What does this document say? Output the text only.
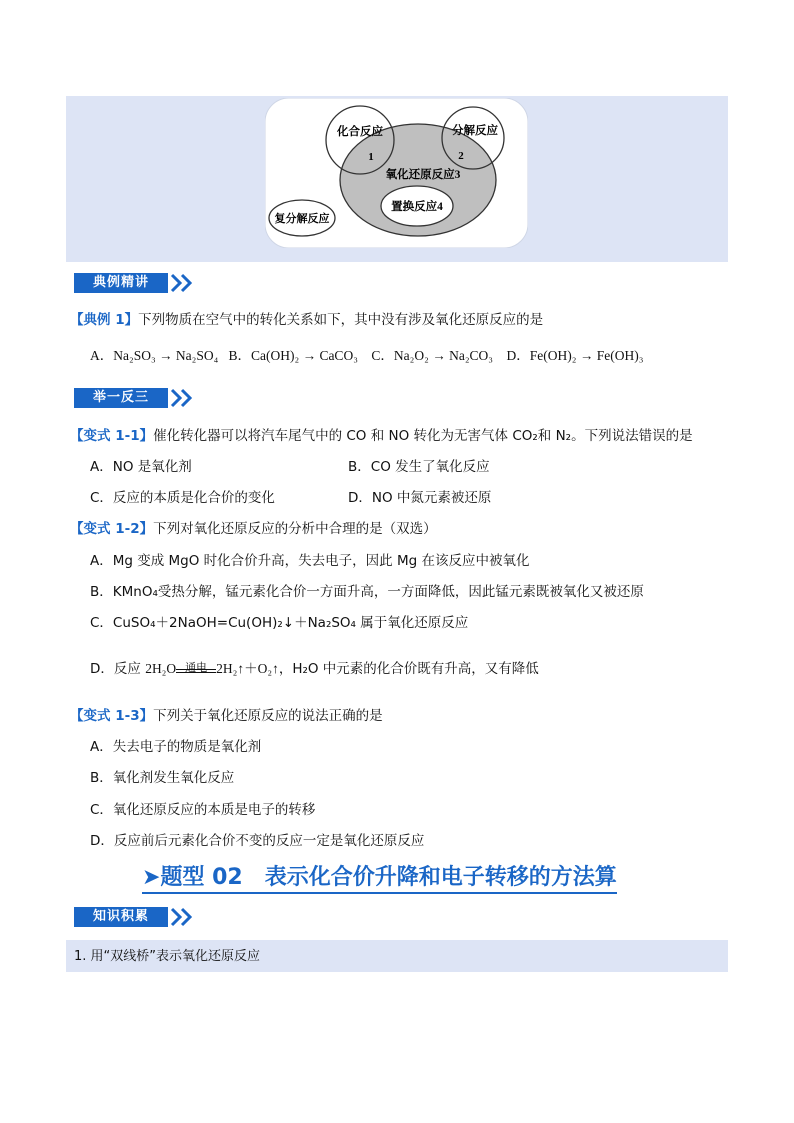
化合反应	分解反应
氧化还原反应3
置换反应4
复分解反应
1	2
典例精讲
【典例 1】下列物质在空气中的转化关系如下，其中没有涉及氧化还原反应的是
A．Na₂SO₃ → Na₂SO₄ B．Ca(OH)₂ → CaCO₃ C．Na₂O₂ → Na₂CO₃ D．Fe(OH)₂ → Fe(OH)₃
举一反三
【变式 1-1】催化转化器可以将汽车尾气中的 CO 和 NO 转化为无害气体 CO₂和 N₂。下列说法错误的是
A．NO 是氧化剂	B．CO 发生了氧化反应
C．反应的本质是化合价的变化	D．NO 中氮元素被还原
【变式 1-2】下列对氧化还原反应的分析中合理的是（双选）
A．Mg 变成 MgO 时化合价升高，失去电子，因此 Mg 在该反应中被氧化
B．KMnO₄受热分解，锰元素化合价一方面升高，一方面降低，因此锰元素既被氧化又被还原
C．CuSO₄＋2NaOH=Cu(OH)₂↓＋Na₂SO₄ 属于氧化还原反应
D．反应 2H₂O 通电 2H₂↑＋O₂↑，H₂O 中元素的化合价既有升高，又有降低
【变式 1-3】下列关于氧化还原反应的说法正确的是
A．失去电子的物质是氧化剂
B．氧化剂发生氧化反应
C．氧化还原反应的本质是电子的转移
D．反应前后元素化合价不变的反应一定是氧化还原反应
➤题型 02　表示化合价升降和电子转移的方法算
知识积累
1. 用“双线桥”表示氧化还原反应
